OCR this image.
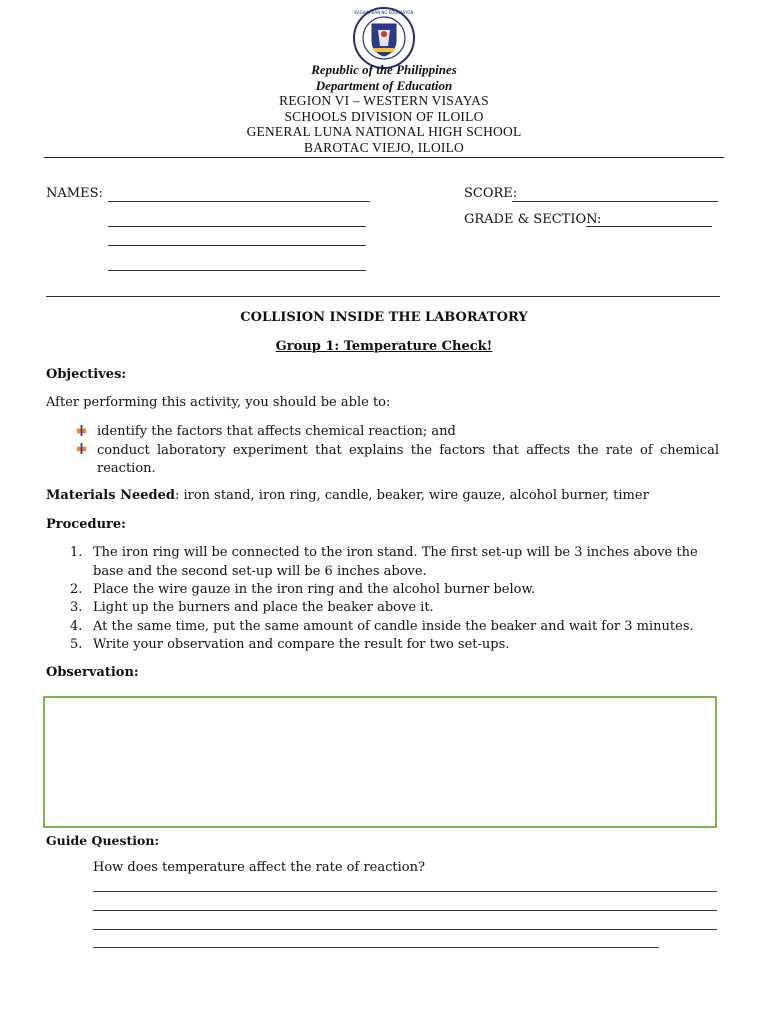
KAGAWARAN NG EDUKASYON
Republic of the Philippines
Department of Education
REGION VI – WESTERN VISAYAS
SCHOOLS DIVISION OF ILOILO
GENERAL LUNA NATIONAL HIGH SCHOOL
BAROTAC VIEJO, ILOILO
NAMES:	SCORE:
GRADE & SECTION:
COLLISION INSIDE THE LABORATORY
Group 1: Temperature Check!
Objectives:
After performing this activity, you should be able to:
identify the factors that affects chemical reaction; and
conduct laboratory experiment that explains the factors that affects the rate of chemical reaction.
Materials Needed: iron stand, iron ring, candle, beaker, wire gauze, alcohol burner, timer
Procedure:
1. The iron ring will be connected to the iron stand. The first set-up will be 3 inches above the
base and the second set-up will be 6 inches above.
2. Place the wire gauze in the iron ring and the alcohol burner below.
3. Light up the burners and place the beaker above it.
4. At the same time, put the same amount of candle inside the beaker and wait for 3 minutes.
5. Write your observation and compare the result for two set-ups.
Observation:
Guide Question:
How does temperature affect the rate of reaction?
